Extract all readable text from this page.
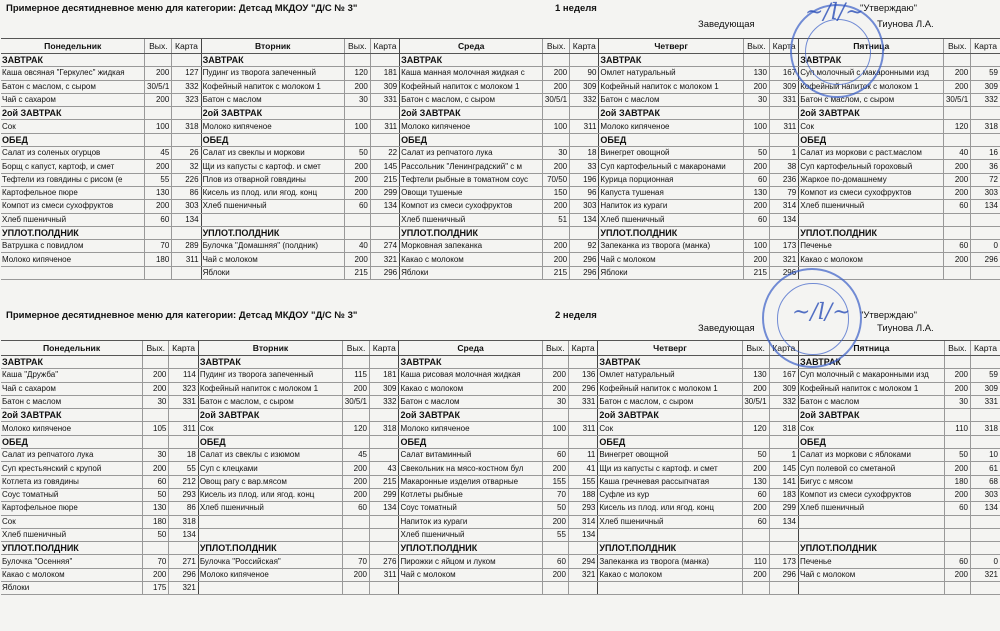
Примерное десятидневное меню для категории: Детсад МКДОУ "Д/С № 3"	1 неделя	"Утверждаю"
Заведующая	Тиунова Л.А.
Понедельник	Вых.	Карта	Вторник	Вых.	Карта	Среда	Вых.	Карта	Четверг	Вых.	Карта	Пятница	Вых.	Карта
ЗАВТРАК			ЗАВТРАК			ЗАВТРАК			ЗАВТРАК			ЗАВТРАК		
Каша овсяная "Геркулес" жидкая	200	127	Пудинг из творога запеченный	120	181	Каша манная молочная жидкая с	200	90	Омлет натуральный	130	167	Суп молочный с макаронными изд	200	59
Батон с маслом, с сыром	30/5/1	332	Кофейный напиток с молоком 1	200	309	Кофейный напиток с молоком 1	200	309	Кофейный напиток с молоком 1	200	309	Кофейный напиток с молоком 1	200	309
Чай с сахаром	200	323	Батон с маслом	30	331	Батон с маслом, с сыром	30/5/1	332	Батон с маслом	30	331	Батон с маслом, с сыром	30/5/1	332
2ой ЗАВТРАК			2ой ЗАВТРАК			2ой ЗАВТРАК			2ой ЗАВТРАК			2ой ЗАВТРАК		
Сок	100	318	Молоко кипяченое	100	311	Молоко кипяченое	100	311	Молоко кипяченое	100	311	Сок	120	318
ОБЕД			ОБЕД			ОБЕД			ОБЕД			ОБЕД		
Салат из соленых огурцов	45	26	Салат из свеклы и моркови	50	22	Салат из репчатого лука	30	18	Винегрет овощной	50	1	Салат из моркови с раст.маслом	40	16
Борщ с капуст, картоф, и смет	200	32	Щи из капусты с картоф. и смет	200	145	Рассольник "Ленинградский" с м	200	33	Суп картофельный с макаронами	200	38	Суп картофельный гороховый	200	36
Тефтели из говядины с рисом (е	55	226	Плов из отварной говядины	200	215	Тефтели рыбные в томатном соус	70/50	196	Курица порционная	60	236	Жаркое по-домашнему	200	72
Картофельное пюре	130	86	Кисель из плод. или ягод. конц	200	299	Овощи тушеные	150	96	Капуста тушеная	130	79	Компот из смеси сухофруктов	200	303
Компот из смеси сухофруктов	200	303	Хлеб пшеничный	60	134	Компот из смеси сухофруктов	200	303	Напиток из кураги	200	314	Хлеб пшеничный	60	134
Хлеб пшеничный	60	134				Хлеб пшеничный	51	134	Хлеб пшеничный	60	134			
УПЛОТ.ПОЛДНИК			УПЛОТ.ПОЛДНИК			УПЛОТ.ПОЛДНИК			УПЛОТ.ПОЛДНИК			УПЛОТ.ПОЛДНИК		
Ватрушка с повидлом	70	289	Булочка "Домашняя" (полдник)	40	274	Морковная запеканка	200	92	Запеканка из творога (манка)	100	173	Печенье	60	0
Молоко кипяченое	180	311	Чай с молоком	200	321	Какао с молоком	200	296	Чай с молоком	200	321	Какао с молоком	200	296
			Яблоки	215	296	Яблоки	215	296	Яблоки	215	296			
Примерное десятидневное меню для категории: Детсад МКДОУ "Д/С № 3"	2 неделя	"Утверждаю"
Заведующая	Тиунова Л.А.
Понедельник	Вых.	Карта	Вторник	Вых.	Карта	Среда	Вых.	Карта	Четверг	Вых.	Карта	Пятница	Вых.	Карта
ЗАВТРАК			ЗАВТРАК			ЗАВТРАК			ЗАВТРАК			ЗАВТРАК		
Каша "Дружба"	200	114	Пудинг из творога запеченный	115	181	Каша рисовая молочная жидкая	200	136	Омлет натуральный	130	167	Суп молочный с макаронными изд	200	59
Чай с сахаром	200	323	Кофейный напиток с молоком 1	200	309	Какао с молоком	200	296	Кофейный напиток с молоком 1	200	309	Кофейный напиток с молоком 1	200	309
Батон с маслом	30	331	Батон с маслом, с сыром	30/5/1	332	Батон с маслом	30	331	Батон с маслом, с сыром	30/5/1	332	Батон с маслом	30	331
2ой ЗАВТРАК			2ой ЗАВТРАК			2ой ЗАВТРАК			2ой ЗАВТРАК			2ой ЗАВТРАК		
Молоко кипяченое	105	311	Сок	120	318	Молоко кипяченое	100	311	Сок	120	318	Сок	110	318
ОБЕД			ОБЕД			ОБЕД			ОБЕД			ОБЕД		
Салат из репчатого лука	30	18	Салат из свеклы с изюмом	45		Салат витаминный	60	11	Винегрет овощной	50	1	Салат из моркови с яблоками	50	10
Суп крестьянский с крупой	200	55	Суп с клецками	200	43	Свекольник на мясо-костном бул	200	41	Щи из капусты с картоф. и смет	200	145	Суп полевой со сметаной	200	61
Котлета из говядины	60	212	Овощ рагу с вар.мясом	200	215	Макаронные изделия отварные	155	155	Каша гречневая рассыпчатая	130	141	Бигус с мясом	180	68
Соус томатный	50	293	Кисель из плод. или ягод. конц	200	299	Котлеты рыбные	70	188	Суфле из кур	60	183	Компот из смеси сухофруктов	200	303
Картофельное пюре	130	86	Хлеб пшеничный	60	134	Соус томатный	50	293	Кисель из плод. или ягод. конц	200	299	Хлеб пшеничный	60	134
Сок	180	318				Напиток из кураги	200	314	Хлеб пшеничный	60	134			
Хлеб пшеничный	50	134				Хлеб пшеничный	55	134						
УПЛОТ.ПОЛДНИК			УПЛОТ.ПОЛДНИК			УПЛОТ.ПОЛДНИК			УПЛОТ.ПОЛДНИК			УПЛОТ.ПОЛДНИК		
Булочка "Осенняя"	70	271	Булочка "Российская"	70	276	Пирожки с яйцом и луком	60	294	Запеканка из творога (манка)	110	173	Печенье	60	0
Какао с молоком	200	296	Молоко кипяченое	200	311	Чай с молоком	200	321	Какао с молоком	200	296	Чай с молоком	200	321
Яблоки	175	321												
~/l/~
~/l/~
